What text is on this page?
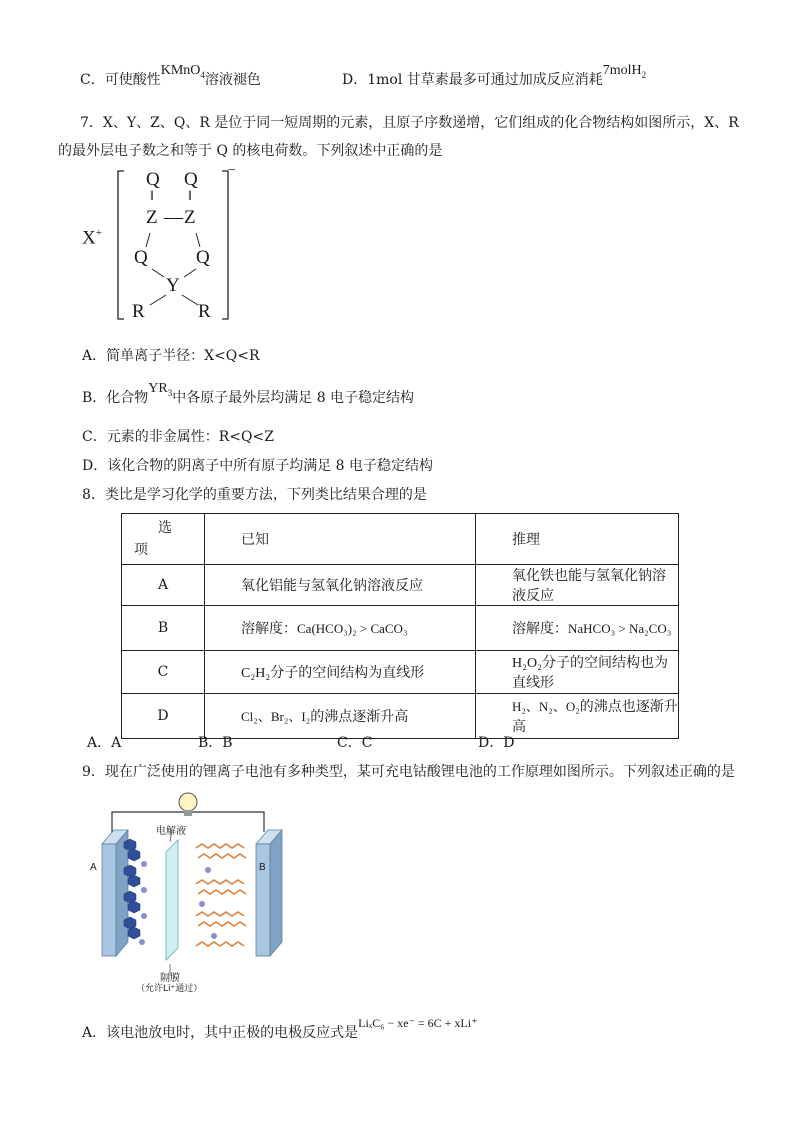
C．可使酸性KMnO$_4$溶液褪色	D．1mol 甘草素最多可通过加成反应消耗7molH$_2$
7．X、Y、Z、Q、R 是位于同一短周期的元素，且原子序数递增，它们组成的化合物结构如图所示，X、R
的最外层电子数之和等于 Q 的核电荷数。下列叙述中正确的是
X+
−
Q Q
‖ ‖
Z — Z
Q	Q
Y
R	R
A．简单离子半径：X<Q<R
B．化合物$YR_3$中各原子最外层均满足 8 电子稳定结构
C．元素的非金属性：R<Q<Z
D．该化合物的阴离子中所有原子均满足 8 电子稳定结构
8．类比是学习化学的重要方法，下列类比结果合理的是
选
项	已知	推理
A	氧化铝能与氢氧化钠溶液反应	氧化铁也能与氢氧化钠溶液反应
B	溶解度：Ca(HCO₃)₂ > CaCO₃	溶解度：NaHCO₃ > Na₂CO₃
C	C₂H₂分子的空间结构为直线形	H₂O₂分子的空间结构也为直线形
D	Cl₂、Br₂、I₂的沸点逐渐升高	H₂、N₂、O₂的沸点也逐渐升高
A．A	B．B	C．C	D．D
9．现在广泛使用的锂离子电池有多种类型，某可充电钴酸锂电池的工作原理如图所示。下列叙述正确的是
电解液
A	B
隔膜
（允许Li⁺通过）
A．该电池放电时，其中正极的电极反应式是LiₓC₆ − xe⁻ = 6C + xLi⁺
